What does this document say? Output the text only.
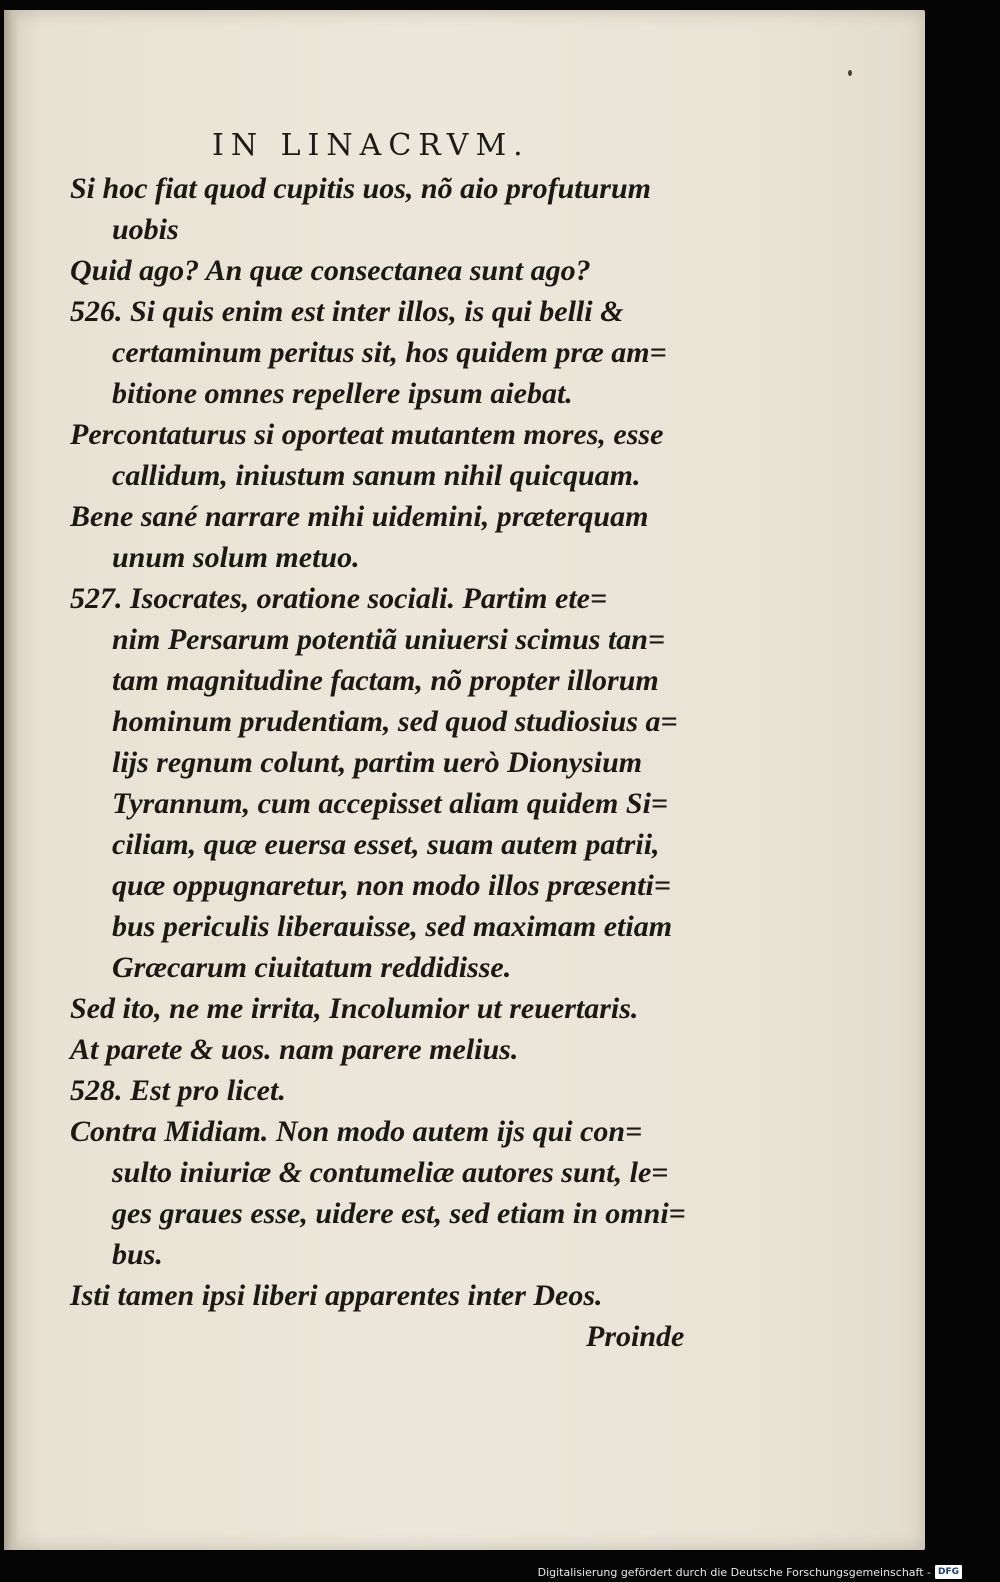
IN LINACRVM.
Si hoc fiat quod cupitis uos, nõ aio profuturum
uobis
Quid ago? An quæ consectanea sunt ago?
526. Si quis enim est inter illos, is qui belli &
certaminum peritus sit, hos quidem præ am=
bitione omnes repellere ipsum aiebat.
Percontaturus si oporteat mutantem mores, esse
callidum, iniustum sanum nihil quicquam.
Bene sané narrare mihi uidemini, præterquam
unum solum metuo.
527. Isocrates, oratione sociali. Partim ete=
nim Persarum potentiã uniuersi scimus tan=
tam magnitudine factam, nõ propter illorum
hominum prudentiam, sed quod studiosius a=
lijs regnum colunt, partim uerò Dionysium
Tyrannum, cum accepisset aliam quidem Si=
ciliam, quæ euersa esset, suam autem patrii,
quæ oppugnaretur, non modo illos præsenti=
bus periculis liberauisse, sed maximam etiam
Græcarum ciuitatum reddidisse.
Sed ito, ne me irrita, Incolumior ut reuertaris.
At parete & uos. nam parere melius.
528. Est pro licet.
Contra Midiam. Non modo autem ijs qui con=
sulto iniuriæ & contumeliæ autores sunt, le=
ges graues esse, uidere est, sed etiam in omni=
bus.
Isti tamen ipsi liberi apparentes inter Deos.
Proinde
Digitalisierung gefördert durch die Deutsche Forschungsgemeinschaft - DFG
